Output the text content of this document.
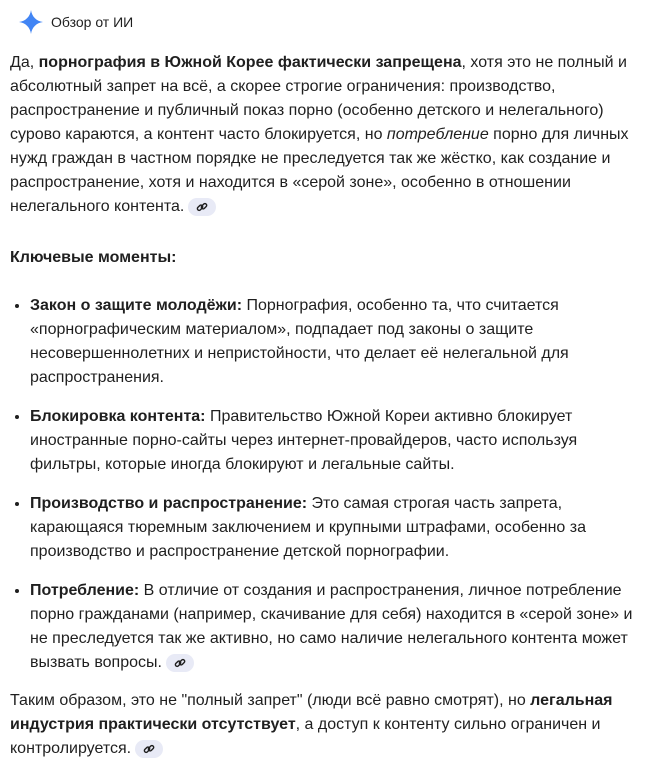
Обзор от ИИ

Да, порнография в Южной Корее фактически запрещена, хотя это не полный и абсолютный запрет на всё, а скорее строгие ограничения: производство, распространение и публичный показ порно (особенно детского и нелегального) сурово караются, а контент часто блокируется, но потребление порно для личных нужд граждан в частном порядке не преследуется так же жёстко, как создание и распространение, хотя и находится в «серой зоне», особенно в отношении нелегального контента.

Ключевые моменты:

• Закон о защите молодёжи: Порнография, особенно та, что считается «порнографическим материалом», подпадает под законы о защите несовершеннолетних и непристойности, что делает её нелегальной для распространения.
• Блокировка контента: Правительство Южной Кореи активно блокирует иностранные порно-сайты через интернет-провайдеров, часто используя фильтры, которые иногда блокируют и легальные сайты.
• Производство и распространение: Это самая строгая часть запрета, карающаяся тюремным заключением и крупными штрафами, особенно за производство и распространение детской порнографии.
• Потребление: В отличие от создания и распространения, личное потребление порно гражданами (например, скачивание для себя) находится в «серой зоне» и не преследуется так же активно, но само наличие нелегального контента может вызвать вопросы.

Таким образом, это не "полный запрет" (люди всё равно смотрят), но легальная индустрия практически отсутствует, а доступ к контенту сильно ограничен и контролируется.
